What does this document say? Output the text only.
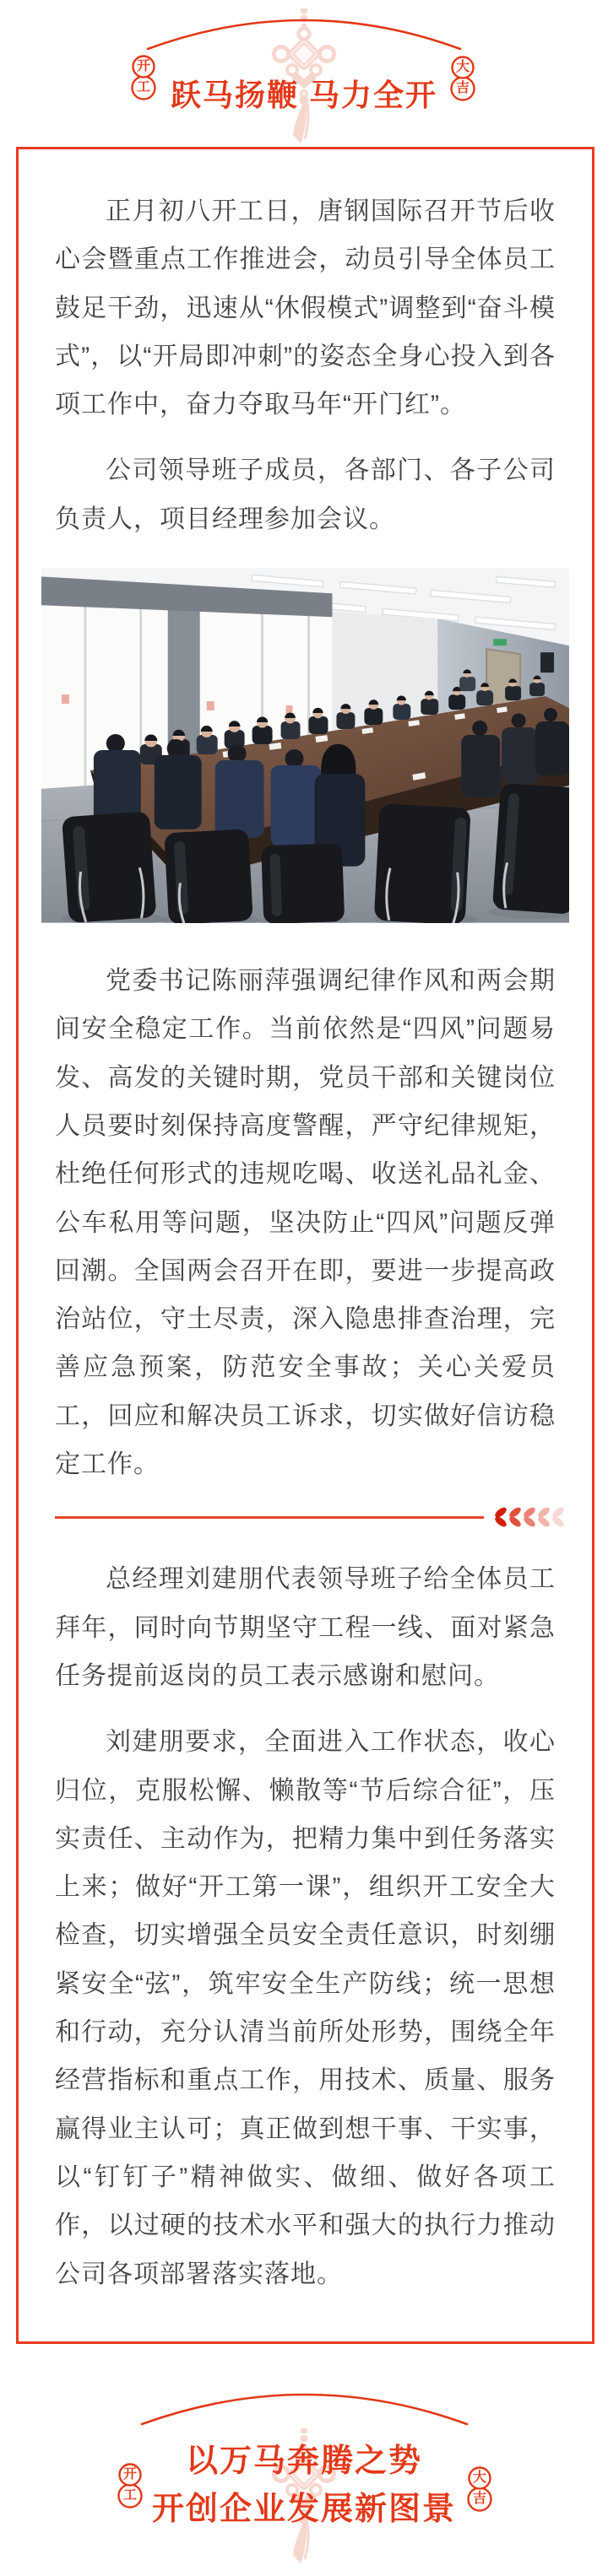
开
工 跃马扬鞭 马力全开
大
吉

正月初八开工日，唐钢国际召开节后收心会暨重点工作推进会，动员引导全体员工鼓足干劲，迅速从“休假模式”调整到“奋斗模式”，以“开局即冲刺”的姿态全身心投入到各项工作中，奋力夺取马年“开门红”。

公司领导班子成员，各部门、各子公司负责人，项目经理参加会议。

党委书记陈丽萍强调纪律作风和两会期间安全稳定工作。当前依然是“四风”问题易发、高发的关键时期，党员干部和关键岗位人员要时刻保持高度警醒，严守纪律规矩，杜绝任何形式的违规吃喝、收送礼品礼金、公车私用等问题，坚决防止“四风”问题反弹回潮。全国两会召开在即，要进一步提高政治站位，守土尽责，深入隐患排查治理，完善应急预案，防范安全事故；关心关爱员工，回应和解决员工诉求，切实做好信访稳定工作。

总经理刘建朋代表领导班子给全体员工拜年，同时向节期坚守工程一线、面对紧急任务提前返岗的员工表示感谢和慰问。

刘建朋要求，全面进入工作状态，收心归位，克服松懈、懒散等“节后综合征”，压实责任、主动作为，把精力集中到任务落实上来；做好“开工第一课”，组织开工安全大检查，切实增强全员安全责任意识，时刻绷紧安全“弦”，筑牢安全生产防线；统一思想和行动，充分认清当前所处形势，围绕全年经营指标和重点工作，用技术、质量、服务赢得业主认可；真正做到想干事、干实事，以“钉钉子”精神做实、做细、做好各项工作，以过硬的技术水平和强大的执行力推动公司各项部署落实落地。

开
工
以万马奔腾之势
开创企业发展新图景
大
吉
